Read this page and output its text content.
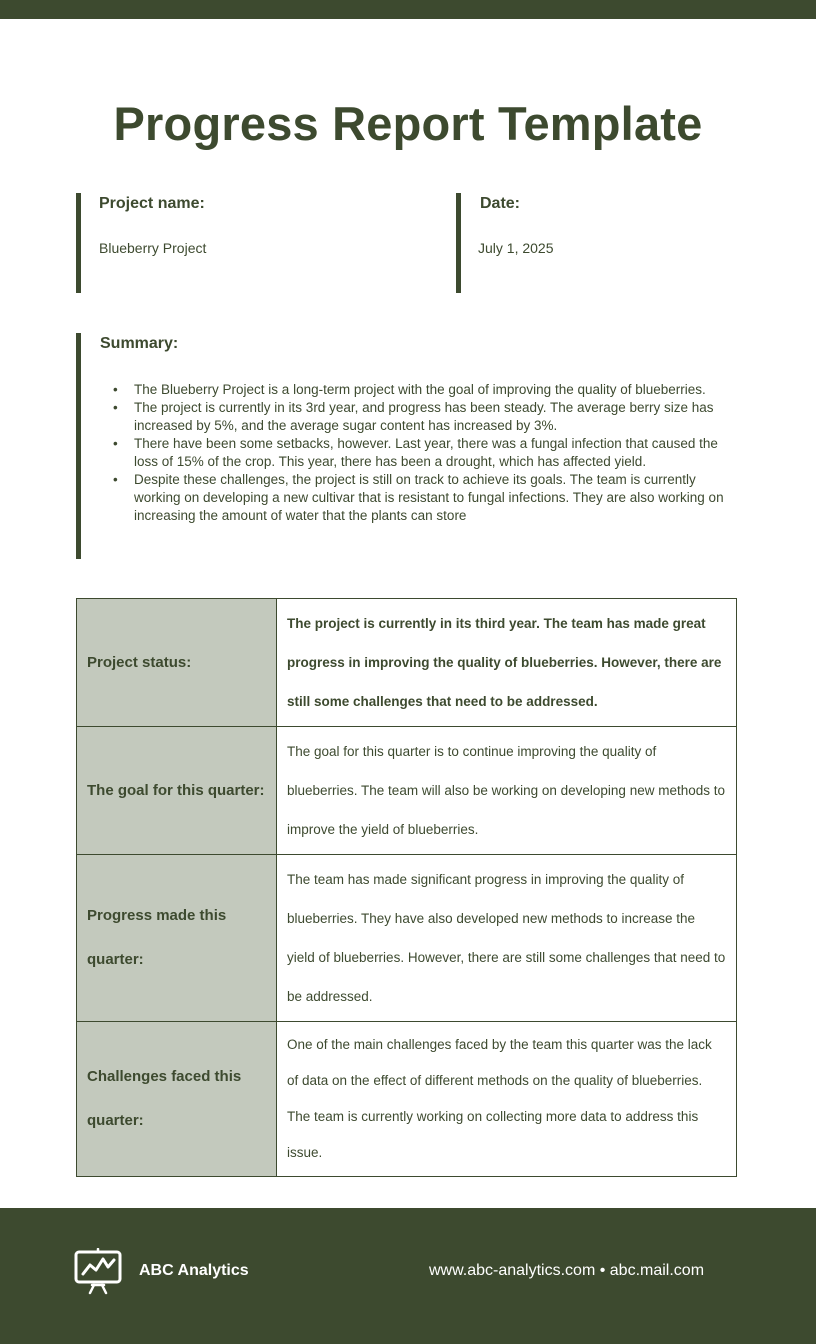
Progress Report Template
Project name:
Blueberry Project
Date:
July 1, 2025
Summary:
• The Blueberry Project is a long-term project with the goal of improving the quality of blueberries.
• The project is currently in its 3rd year, and progress has been steady. The average berry size has increased by 5%, and the average sugar content has increased by 3%.
• There have been some setbacks, however. Last year, there was a fungal infection that caused the loss of 15% of the crop. This year, there has been a drought, which has affected yield.
• Despite these challenges, the project is still on track to achieve its goals. The team is currently working on developing a new cultivar that is resistant to fungal infections. They are also working on increasing the amount of water that the plants can store
Project status:	The project is currently in its third year. The team has made great progress in improving the quality of blueberries. However, there are still some challenges that need to be addressed.
The goal for this quarter:	The goal for this quarter is to continue improving the quality of blueberries. The team will also be working on developing new methods to improve the yield of blueberries.
Progress made this quarter:	The team has made significant progress in improving the quality of blueberries. They have also developed new methods to increase the yield of blueberries. However, there are still some challenges that need to be addressed.
Challenges faced this quarter:	One of the main challenges faced by the team this quarter was the lack of data on the effect of different methods on the quality of blueberries. The team is currently working on collecting more data to address this issue.
ABC Analytics	www.abc-analytics.com • abc.mail.com
